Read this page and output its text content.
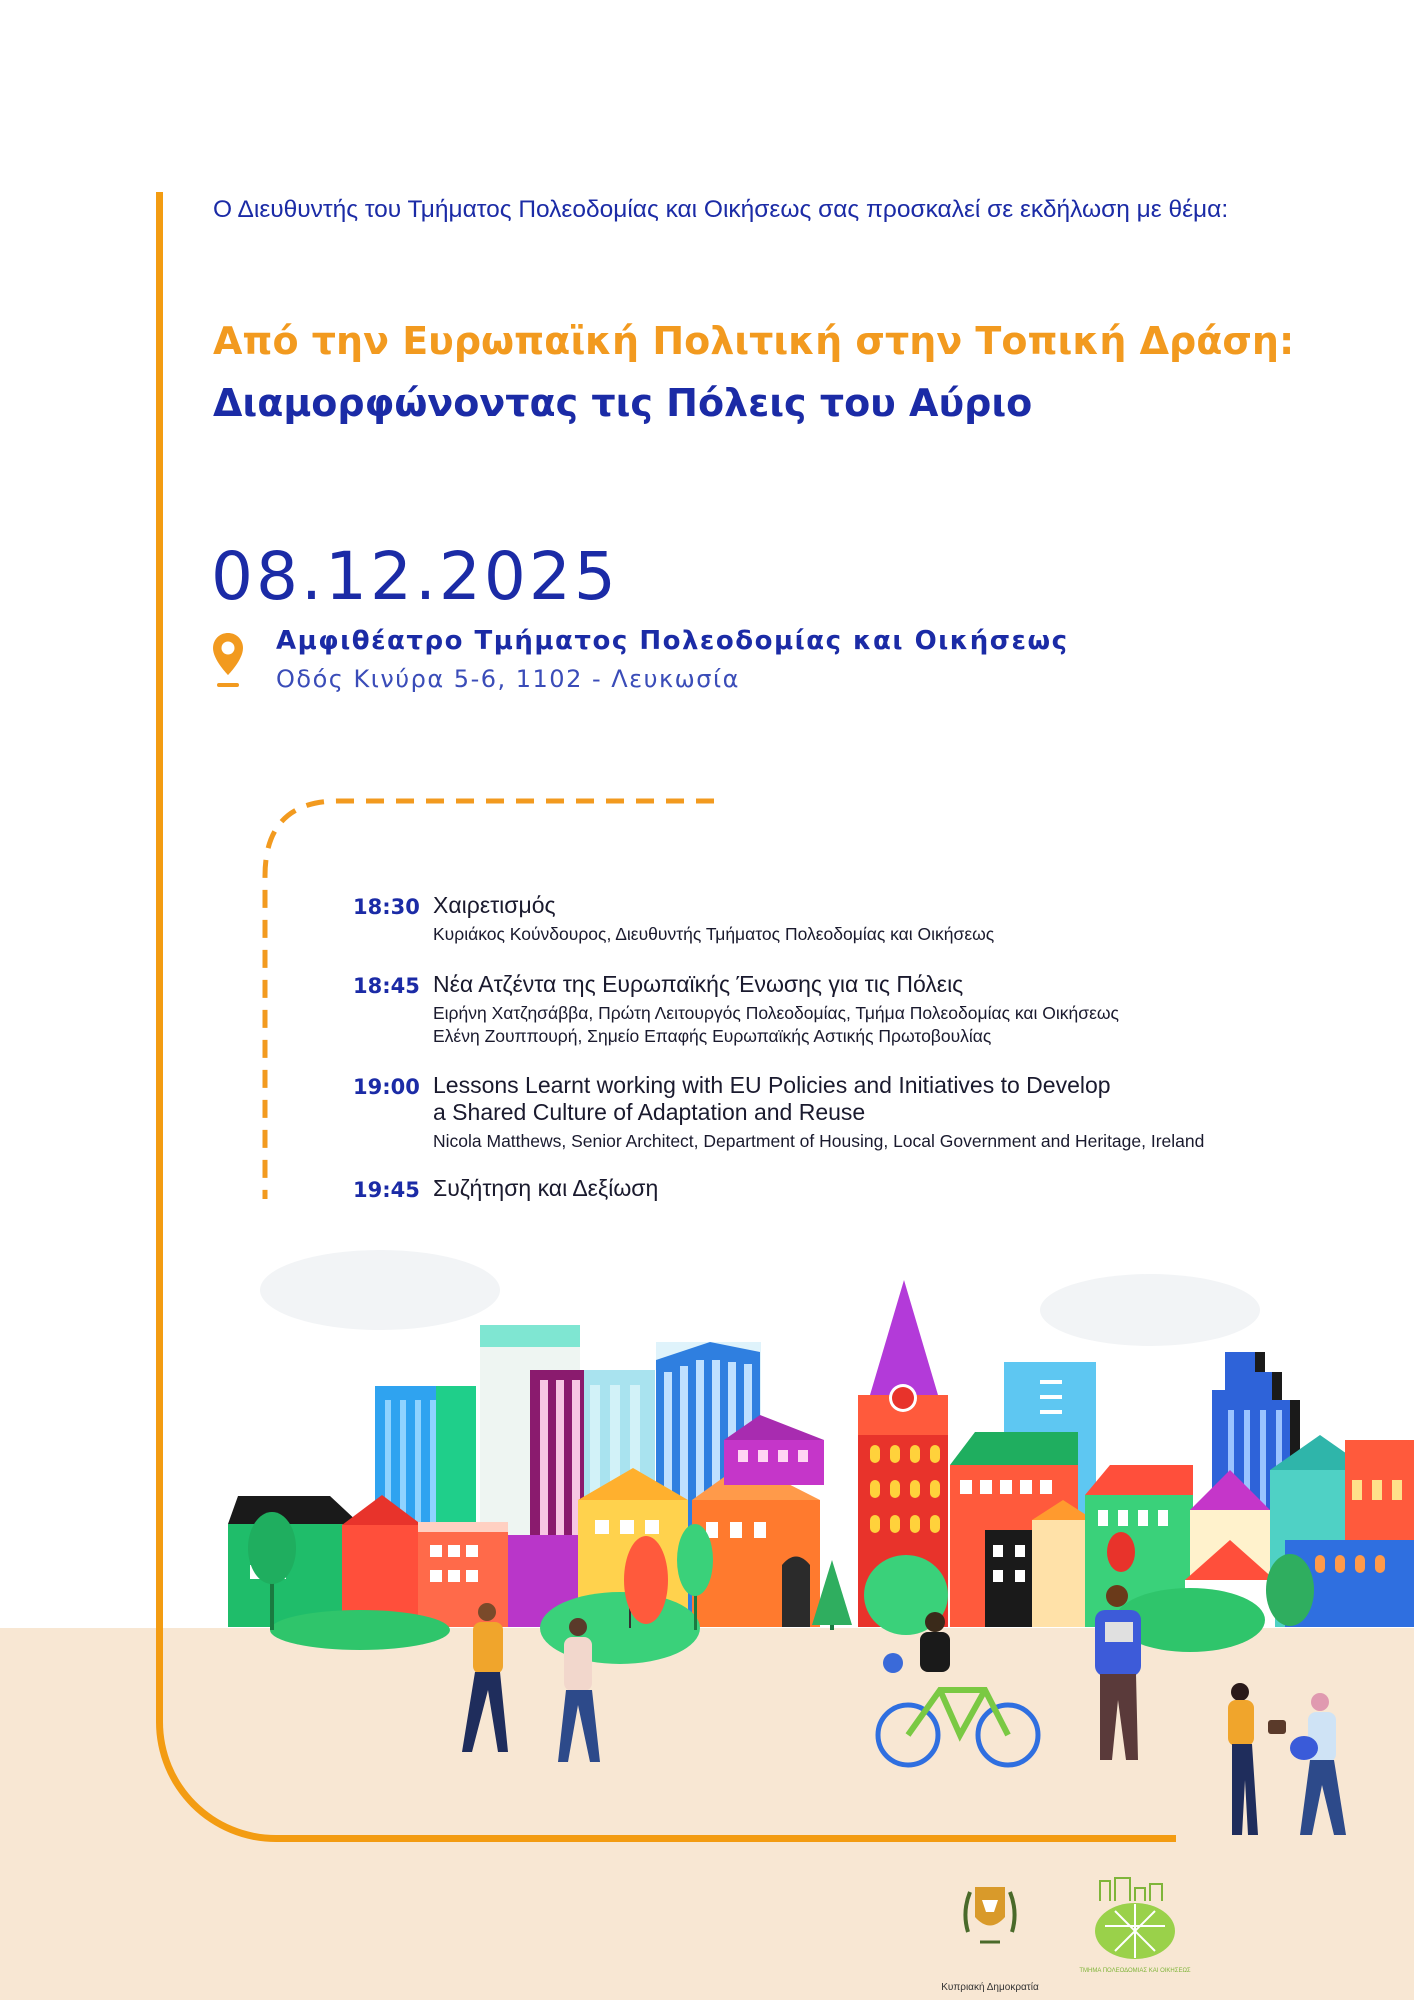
Ο Διευθυντής του Τμήματος Πολεοδομίας και Οικήσεως σας προσκαλεί σε εκδήλωση με θέμα:
Από την Ευρωπαϊκή Πολιτική στην Τοπική Δράση:
Διαμορφώνοντας τις Πόλεις του Αύριο
08.12.2025
Αμφιθέατρο Τμήματος Πολεοδομίας και Οικήσεως
Οδός Κινύρα 5-6, 1102 - Λευκωσία
18:30 Χαιρετισμός
Κυριάκος Κούνδουρος, Διευθυντής Τμήματος Πολεοδομίας και Οικήσεως
18:45 Νέα Ατζέντα της Ευρωπαϊκής Ένωσης για τις Πόλεις
Ειρήνη Χατζησάββα, Πρώτη Λειτουργός Πολεοδομίας, Τμήμα Πολεοδομίας και Οικήσεως
Ελένη Ζουππουρή, Σημείο Επαφής Ευρωπαϊκής Αστικής Πρωτοβουλίας
19:00 Lessons Learnt working with EU Policies and Initiatives to Develop
a Shared Culture of Adaptation and Reuse
Nicola Matthews, Senior Architect, Department of Housing, Local Government and Heritage, Ireland
19:45 Συζήτηση και Δεξίωση
Κυπριακή Δημοκρατία
ΤΜΗΜΑ ΠΟΛΕΟΔΟΜΙΑΣ ΚΑΙ ΟΙΚΗΣΕΩΣ
